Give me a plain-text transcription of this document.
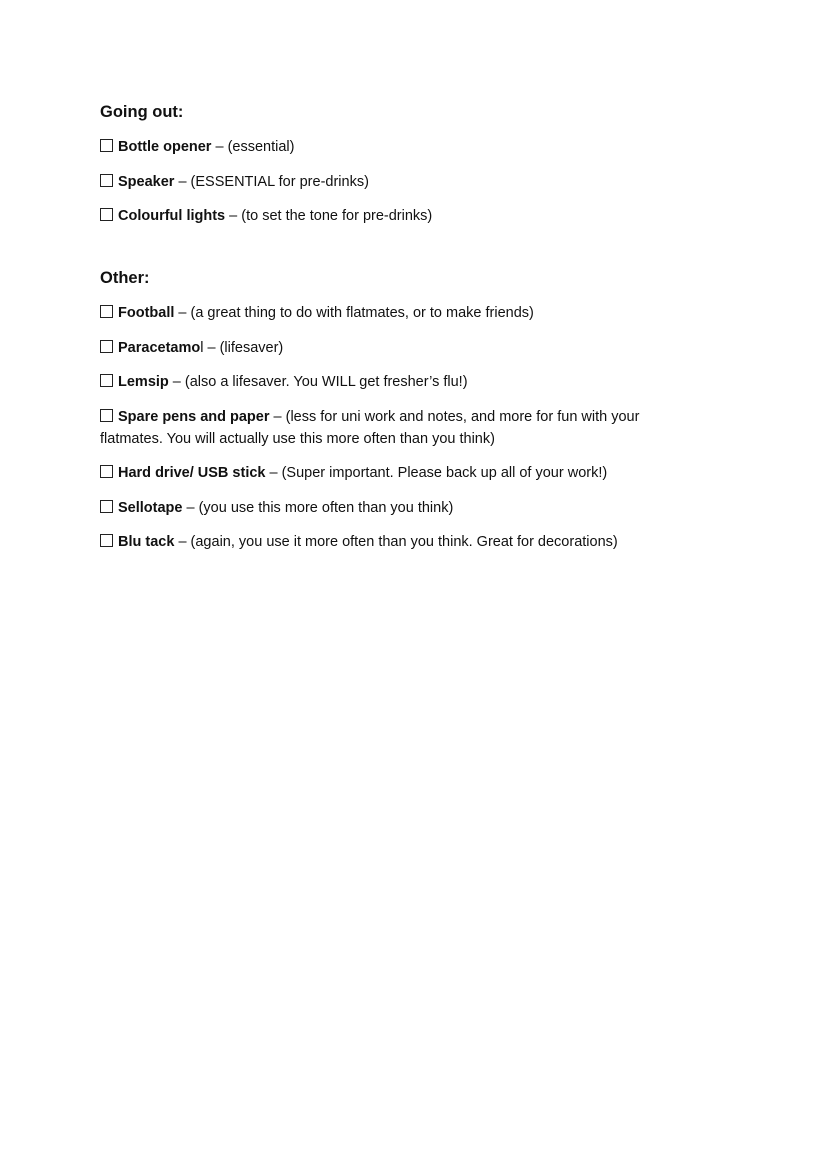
Going out:
Bottle opener – (essential)
Speaker – (ESSENTIAL for pre-drinks)
Colourful lights – (to set the tone for pre-drinks)
Other:
Football – (a great thing to do with flatmates, or to make friends)
Paracetamol – (lifesaver)
Lemsip – (also a lifesaver. You WILL get fresher’s flu!)
Spare pens and paper – (less for uni work and notes, and more for fun with your flatmates. You will actually use this more often than you think)
Hard drive/ USB stick – (Super important. Please back up all of your work!)
Sellotape – (you use this more often than you think)
Blu tack – (again, you use it more often than you think. Great for decorations)
